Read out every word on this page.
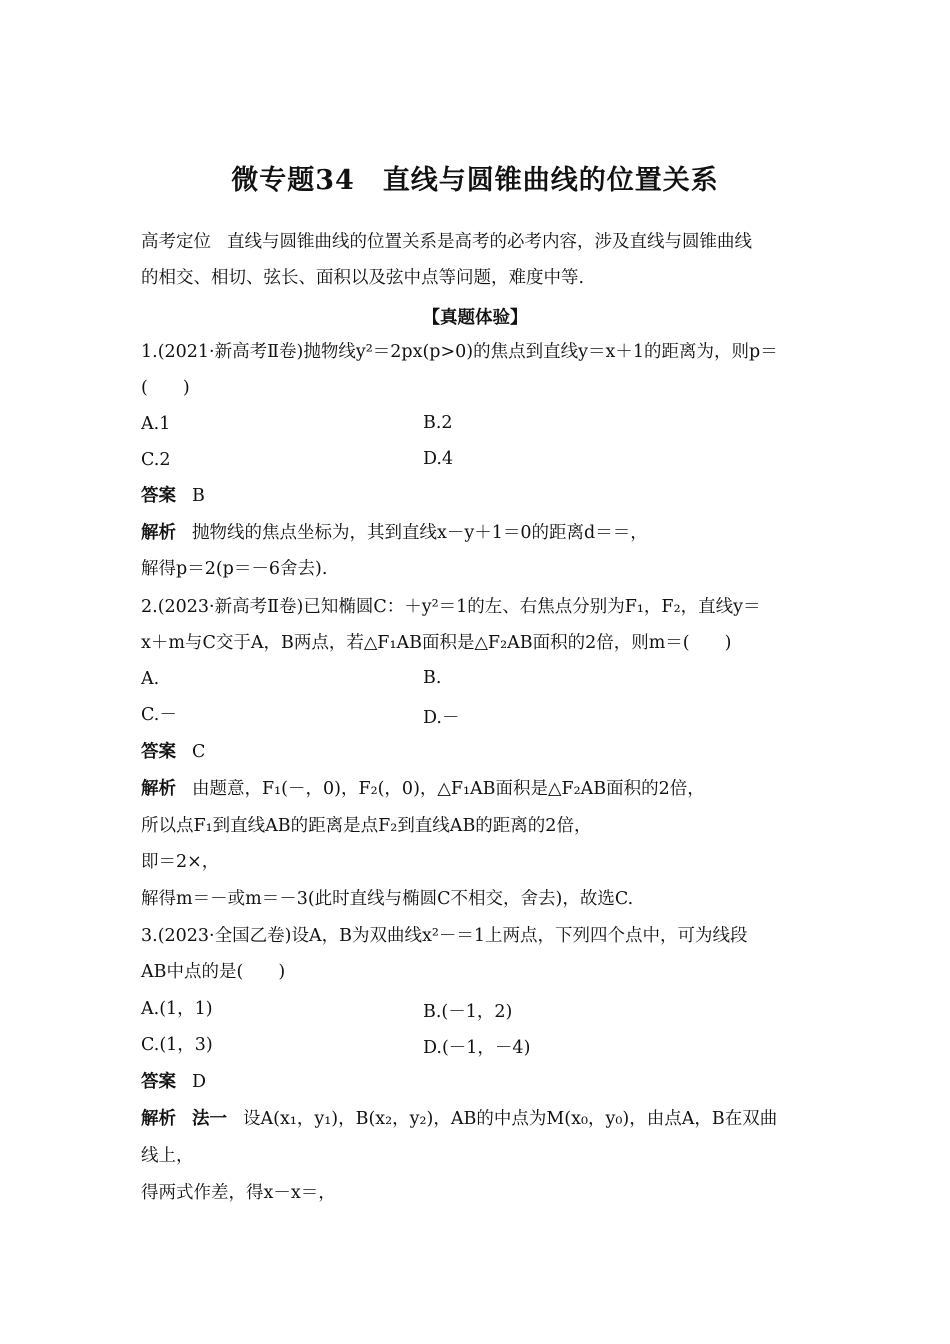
微专题34　直线与圆锥曲线的位置关系
高考定位 直线与圆锥曲线的位置关系是高考的必考内容，涉及直线与圆锥曲线
的相交、相切、弦长、面积以及弦中点等问题，难度中等.
【真题体验】
1.(2021·新高考Ⅱ卷)抛物线y²＝2px(p>0)的焦点到直线y＝x＋1的距离为，则p＝
(　　)
A.1	B.2
C.2	D.4
答案 B
解析 抛物线的焦点坐标为，其到直线x－y＋1＝0的距离d＝＝，
解得p＝2(p＝－6舍去).
2.(2023·新高考Ⅱ卷)已知椭圆C：＋y²＝1的左、右焦点分别为F₁，F₂，直线y＝
x＋m与C交于A，B两点，若△F₁AB面积是△F₂AB面积的2倍，则m＝(　　)
A.	B.
C.－	D.－
答案 C
解析 由题意，F₁(－，0)，F₂(，0)，△F₁AB面积是△F₂AB面积的2倍，
所以点F₁到直线AB的距离是点F₂到直线AB的距离的2倍，
即＝2×，
解得m＝－或m＝－3(此时直线与椭圆C不相交，舍去)，故选C.
3.(2023·全国乙卷)设A，B为双曲线x²－＝1上两点，下列四个点中，可为线段
AB中点的是(　　)
A.(1，1)	B.(－1，2)
C.(1，3)	D.(－1，－4)
答案 D
解析 法一 设A(x₁，y₁)，B(x₂，y₂)，AB的中点为M(x₀，y₀)，由点A，B在双曲
线上，
得两式作差，得x－x＝，
